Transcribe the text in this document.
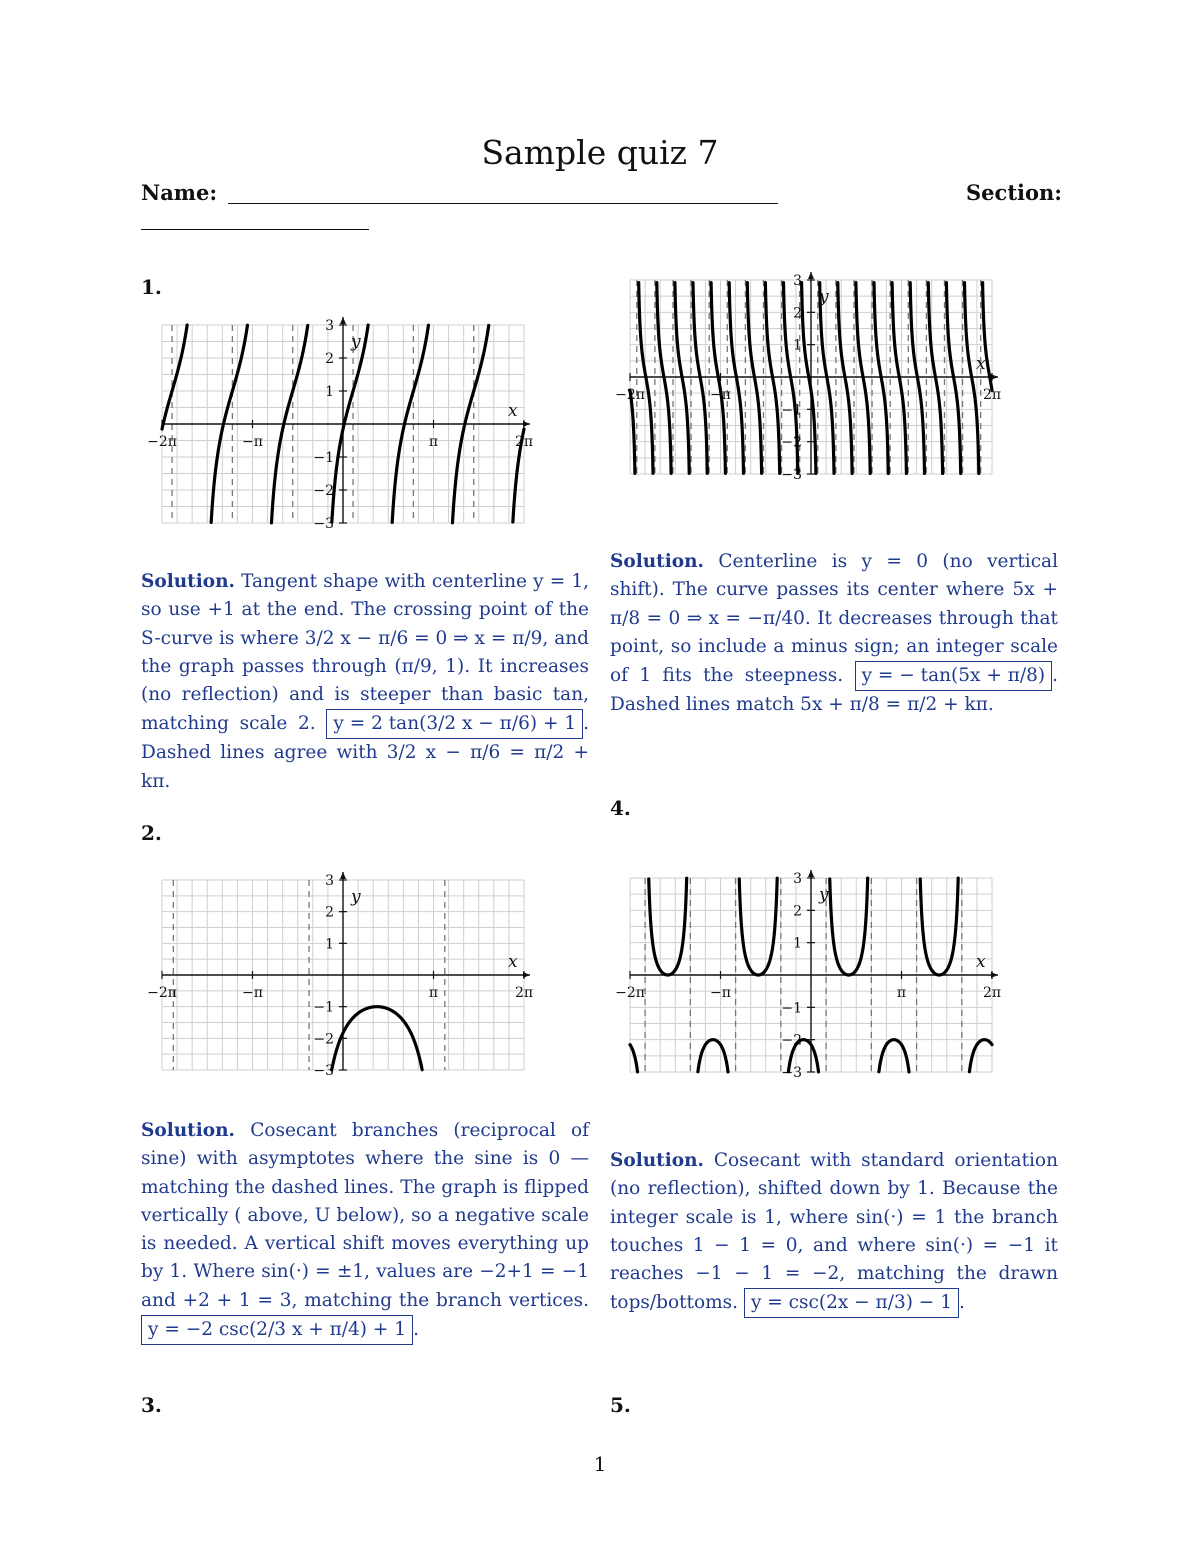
Sample quiz 7
Name:	Section:
1.
−2π	−π	π	2π
3
2
1
−1
−2
−3
x
y
Solution. Tangent shape with centerline y = 1, so use +1 at the end. The crossing point of the S-curve is where 3/2 x − π/6 = 0 ⇒ x = π/9, and the graph passes through (π/9, 1). It increases (no reflection) and is steeper than basic tan, matching scale 2. y = 2 tan(3/2 x − π/6) + 1 . Dashed lines agree with 3/2 x − π/6 = π/2 + kπ.
2.
−2π	−π	π	2π
3
2
1
−1
−2
−3
x
y
Solution. Cosecant branches (reciprocal of sine) with asymptotes where the sine is 0 — matching the dashed lines. The graph is flipped vertically ( above, U below), so a negative scale is needed. A vertical shift moves everything up by 1. Where sin(·) = ±1, values are −2+1 = −1 and +2 + 1 = 3, matching the branch vertices. y = −2 csc(2/3 x + π/4) + 1 .
3.
−2π	−π	2π
3
2
1
−1
−2
−3
x
y
Solution. Centerline is y = 0 (no vertical shift). The curve passes its center where 5x + π/8 = 0 ⇒ x = −π/40. It decreases through that point, so include a minus sign; an integer scale of 1 fits the steepness. y = − tan(5x + π/8) . Dashed lines match 5x + π/8 = π/2 + kπ.
4.
−2π	−π	π	2π
3
2
1
−1
−2
−3
x
y
Solution. Cosecant with standard orientation (no reflection), shifted down by 1. Because the integer scale is 1, where sin(·) = 1 the branch touches 1 − 1 = 0, and where sin(·) = −1 it reaches −1 − 1 = −2, matching the drawn tops/bottoms. y = csc(2x − π/3) − 1 .
5.
1
